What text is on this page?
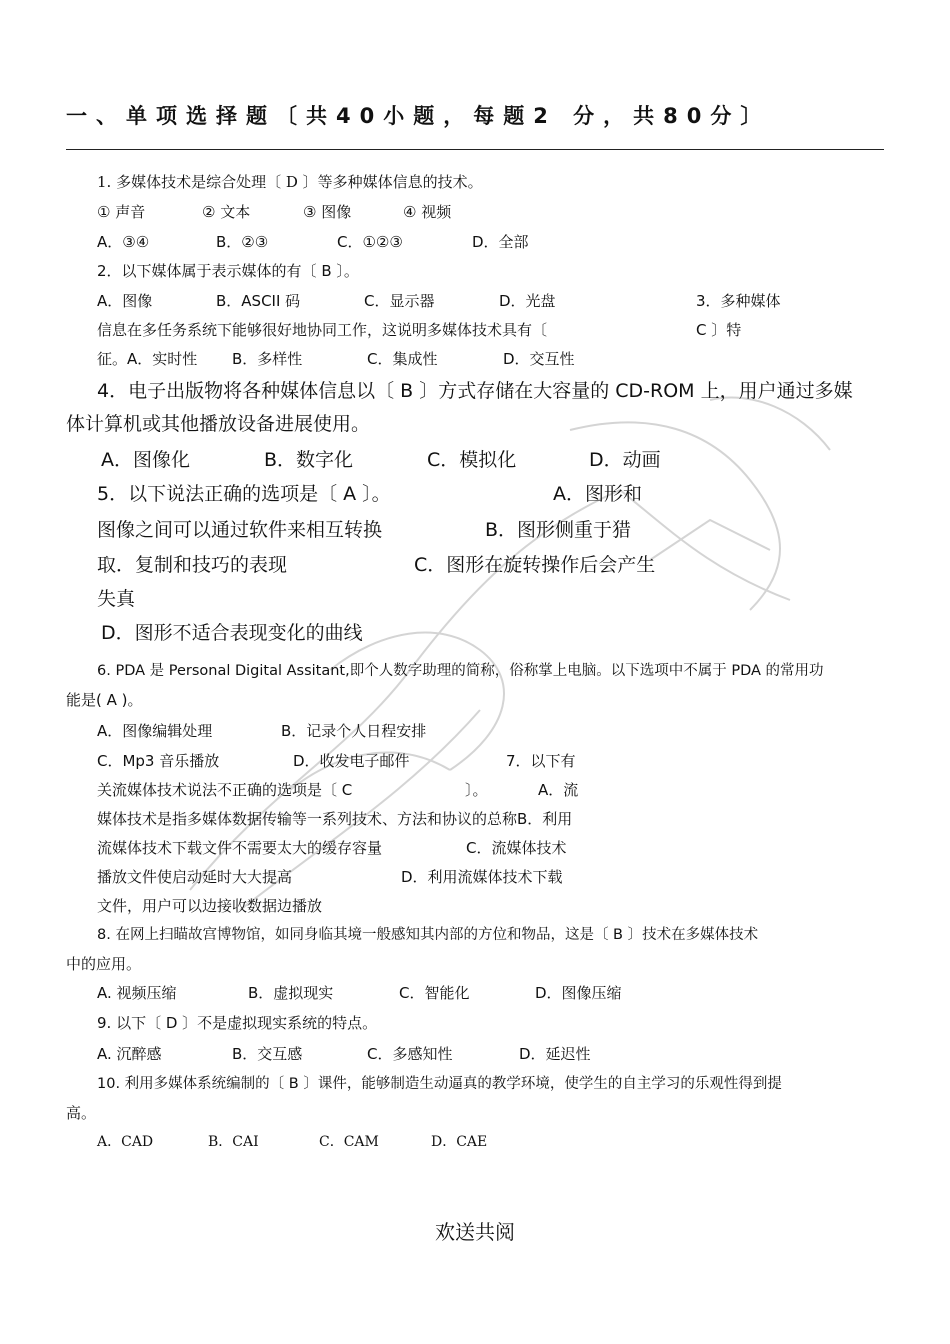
一、单项选择题〔共40小题，每题2 分，共80分〕
1. 多媒体技术是综合处理〔 D 〕等多种媒体信息的技术。
① 声音	② 文本	③ 图像	④ 视频
A．③④	B．②③	C．①②③	D．全部
2．以下媒体属于表示媒体的有〔 B 〕。
A．图像	B．ASCII 码	C．显示器	D．光盘	3．多种媒体
信息在多任务系统下能够很好地协同工作，这说明多媒体技术具有〔	C 〕特
征。A．实时性 B．多样性	C．集成性	D．交互性
4．电子出版物将各种媒体信息以〔 B 〕方式存储在大容量的 CD-ROM 上，用户通过多媒
体计算机或其他播放设备进展使用。
A．图像化	B．数字化	C．模拟化	D．动画
5．以下说法正确的选项是〔 A 〕。	A．图形和
图像之间可以通过软件来相互转换	B．图形侧重于猎
取．复制和技巧的表现	C．图形在旋转操作后会产生
失真
D．图形不适合表现变化的曲线
6. PDA 是 Personal Digital Assitant,即个人数字助理的简称，俗称掌上电脑。以下选项中不属于 PDA 的常用功
能是( A )。
A．图像编辑处理	B．记录个人日程安排
C．Mp3 音乐播放	D．收发电子邮件	7．以下有
关流媒体技术说法不正确的选项是〔 C	〕。	A．流
媒体技术是指多媒体数据传输等一系列技术、方法和协议的总称B．利用
流媒体技术下载文件不需要太大的缓存容量	C．流媒体技术
播放文件使启动延时大大提高	D．利用流媒体技术下载
文件，用户可以边接收数据边播放
8. 在网上扫瞄故宫博物馆，如同身临其境一般感知其内部的方位和物品，这是〔 B 〕技术在多媒体技术
中的应用。
A. 视频压缩	B．虚拟现实	C．智能化	D．图像压缩
9. 以下〔 D 〕不是虚拟现实系统的特点。
A. 沉醉感	B．交互感	C．多感知性	D．延迟性
10. 利用多媒体系统编制的〔 B 〕课件，能够制造生动逼真的教学环境，使学生的自主学习的乐观性得到提
高。
A．CAD	B．CAI	C．CAM	D．CAE
欢送共阅
